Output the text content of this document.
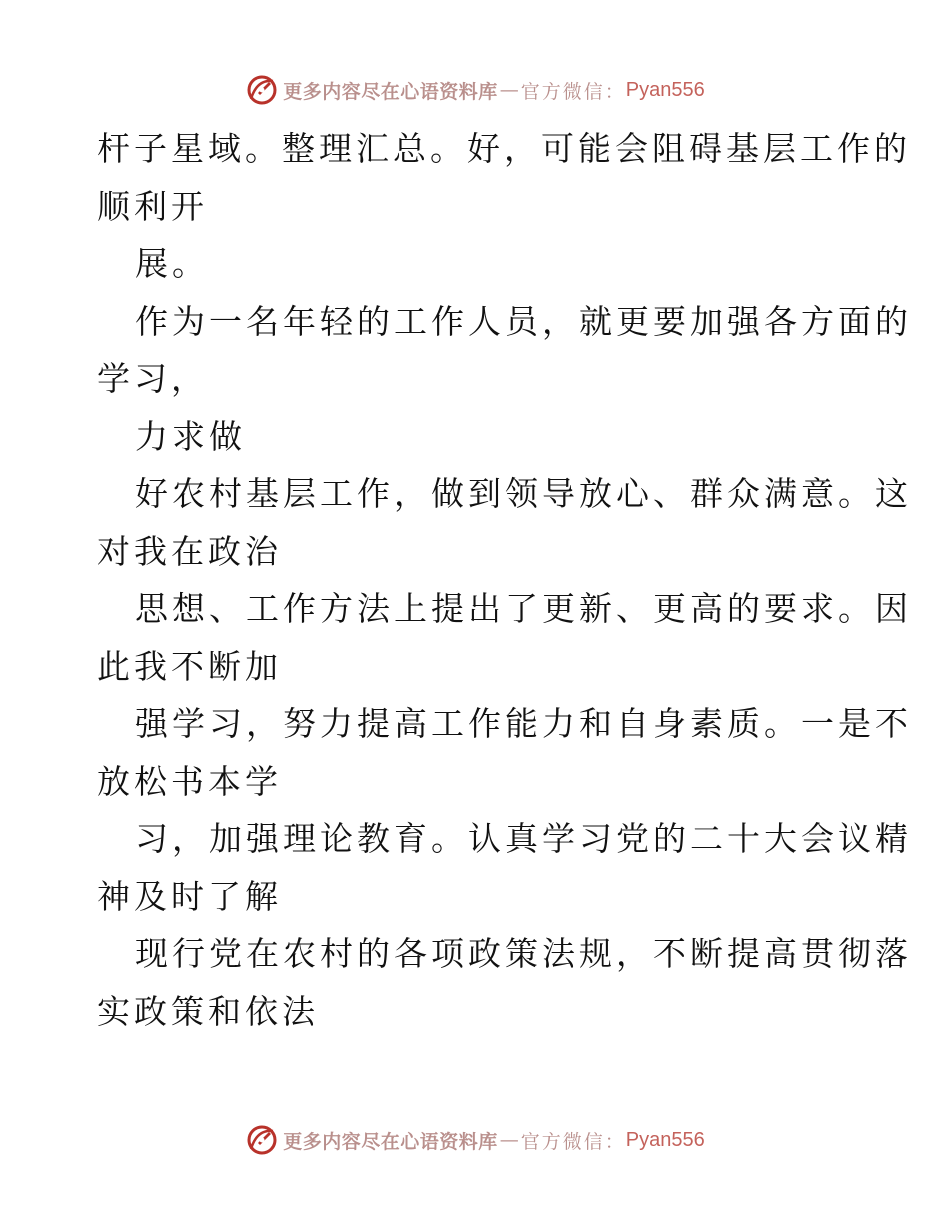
更多内容尽在心语资料库 — 官方微信： Pyan556
杆子星域。整理汇总。好，可能会阻碍基层工作的
顺利开
展。
作为一名年轻的工作人员，就更要加强各方面的
学习，
力求做
好农村基层工作，做到领导放心、群众满意。这
对我在政治
思想、工作方法上提出了更新、更高的要求。因
此我不断加
强学习，努力提高工作能力和自身素质。一是不
放松书本学
习，加强理论教育。认真学习党的二十大会议精
神及时了解
现行党在农村的各项政策法规，不断提高贯彻落
实政策和依法
更多内容尽在心语资料库 — 官方微信： Pyan556
